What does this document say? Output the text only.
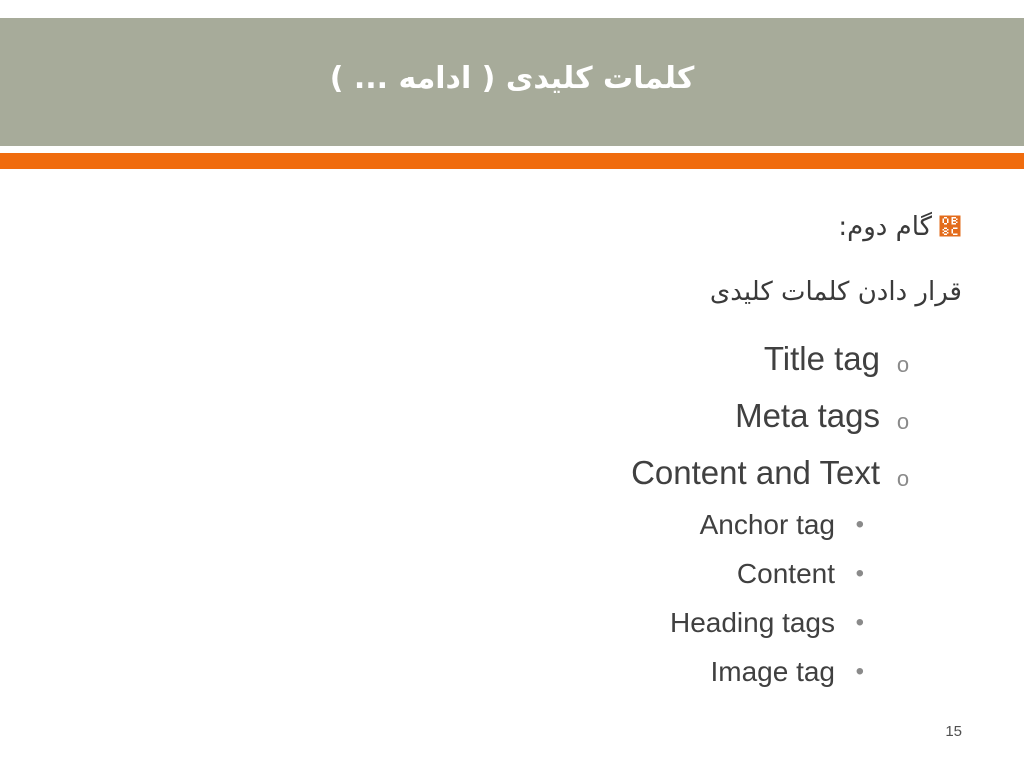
کلمات کلیدی ( ادامه ... )
஌گام دوم:
قرار دادن کلمات کلیدی
Title tag o
Meta tags o
Content and Text o
Anchor tag •
Content •
Heading tags •
Image tag •
15
